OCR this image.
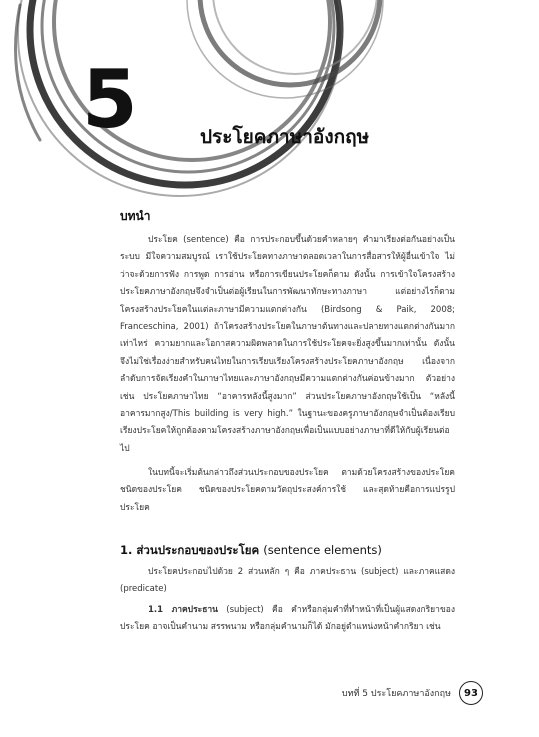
5	ประโยคภาษาอังกฤษ
บทนำ

ประโยค (sentence) คือ การประกอบขึ้นด้วยคำหลายๆ คำมาเรียงต่อกันอย่างเป็นระบบ มีใจความสมบูรณ์ เราใช้ประโยคทางภาษาตลอดเวลาในการสื่อสารให้ผู้อื่นเข้าใจ ไม่ว่าจะด้วยการฟัง การพูด การอ่าน หรือการเขียนประโยคก็ตาม ดังนั้น การเข้าใจโครงสร้างประโยคภาษาอังกฤษจึงจำเป็นต่อผู้เรียนในการพัฒนาทักษะทางภาษา แต่อย่างไรก็ตาม โครงสร้างประโยคในแต่ละภาษามีความแตกต่างกัน (Birdsong & Paik, 2008; Franceschina, 2001) ถ้าโครงสร้างประโยคในภาษาต้นทางและปลายทางแตกต่างกันมากเท่าไหร่ ความยากและโอกาสความผิดพลาดในการใช้ประโยคจะยิ่งสูงขึ้นมากเท่านั้น ดังนั้น จึงไม่ใช่เรื่องง่ายสำหรับคนไทยในการเรียบเรียงโครงสร้างประโยคภาษาอังกฤษ เนื่องจากลำดับการจัดเรียงคำในภาษาไทยและภาษาอังกฤษมีความแตกต่างกันค่อนข้างมาก ตัวอย่างเช่น ประโยคภาษาไทย “อาคารหลังนี้สูงมาก” ส่วนประโยคภาษาอังกฤษใช้เป็น “หลังนี้อาคารมากสูง/This building is very high.” ในฐานะของครูภาษาอังกฤษจำเป็นต้องเรียบเรียงประโยคให้ถูกต้องตามโครงสร้างภาษาอังกฤษเพื่อเป็นแบบอย่างภาษาที่ดีให้กับผู้เรียนต่อไป

ในบทนี้จะเริ่มต้นกล่าวถึงส่วนประกอบของประโยค ตามด้วยโครงสร้างของประโยค ชนิดของประโยค ชนิดของประโยคตามวัตถุประสงค์การใช้ และสุดท้ายคือการแปรรูปประโยค

1. ส่วนประกอบของประโยค (sentence elements)

ประโยคประกอบไปด้วย 2 ส่วนหลัก ๆ คือ ภาคประธาน (subject) และภาคแสดง (predicate)

1.1 ภาคประธาน (subject) คือ คำหรือกลุ่มคำที่ทำหน้าที่เป็นผู้แสดงกริยาของประโยค อาจเป็นคำนาม สรรพนาม หรือกลุ่มคำนามก็ได้ มักอยู่ตำแหน่งหน้าคำกริยา เช่น

บทที่ 5 ประโยคภาษาอังกฤษ	93
